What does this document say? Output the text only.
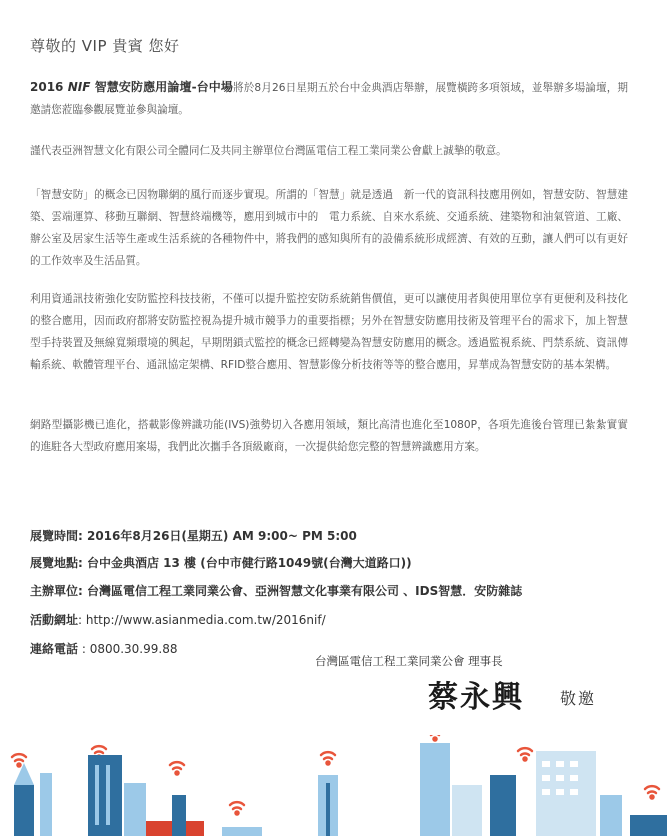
尊敬的 VIP 貴賓 您好
2016 NIF 智慧安防應用論壇-台中場將於8月26日星期五於台中金典酒店舉辦，展覽橫跨多項領域，並舉辦多場論壇，期邀請您蒞臨參觀展覽並參與論壇。
謹代表亞洲智慧文化有限公司全體同仁及共同主辦單位台灣區電信工程工業同業公會獻上誠摯的敬意。
「智慧安防」的概念已因物聯網的風行而逐步實現。所謂的「智慧」就是透過　新一代的資訊科技應用例如，智慧安防、智慧建築、雲端運算、移動互聯網、智慧終端機等，應用到城市中的　電力系統、自來水系統、交通系統、建築物和油氣管道、工廠、辦公室及居家生活等生產或生活系統的各種物件中，將我們的感知與所有的設備系統形成經濟、有效的互動，讓人們可以有更好的工作效率及生活品質。
利用資通訊技術強化安防監控科技技術，不僅可以提升監控安防系統銷售價值，更可以讓使用者與使用單位享有更便利及科技化的整合應用，因而政府都將安防監控視為提升城市競爭力的重要指標；另外在智慧安防應用技術及管理平台的需求下，加上智慧型手持裝置及無線寬頻環境的興起，早期閉鎖式監控的概念已經轉變為智慧安防應用的概念。透過監視系統、門禁系統、資訊傳輸系統、軟體管理平台、通訊協定架構、RFID整合應用、智慧影像分析技術等等的整合應用，昇華成為智慧安防的基本架構。
網路型攝影機已進化，搭載影像辨識功能(IVS)強勢切入各應用領域，類比高清也進化至1080P，各項先進後台管理已紮紮實實的進駐各大型政府應用案場，我們此次攜手各頂級廠商，一次提供給您完整的智慧辨識應用方案。
展覽時間: 2016年8月26日(星期五) AM 9:00~ PM 5:00
展覽地點: 台中金典酒店 13 樓 (台中市健行路1049號(台灣大道路口))
主辦單位: 台灣區電信工程工業同業公會、亞洲智慧文化事業有限公司 、IDS智慧．安防雜誌
活動網址: http://www.asianmedia.com.tw/2016nif/
連絡電話 : 0800.30.99.88
台灣區電信工程工業同業公會 理事長
蔡永興 敬邀
